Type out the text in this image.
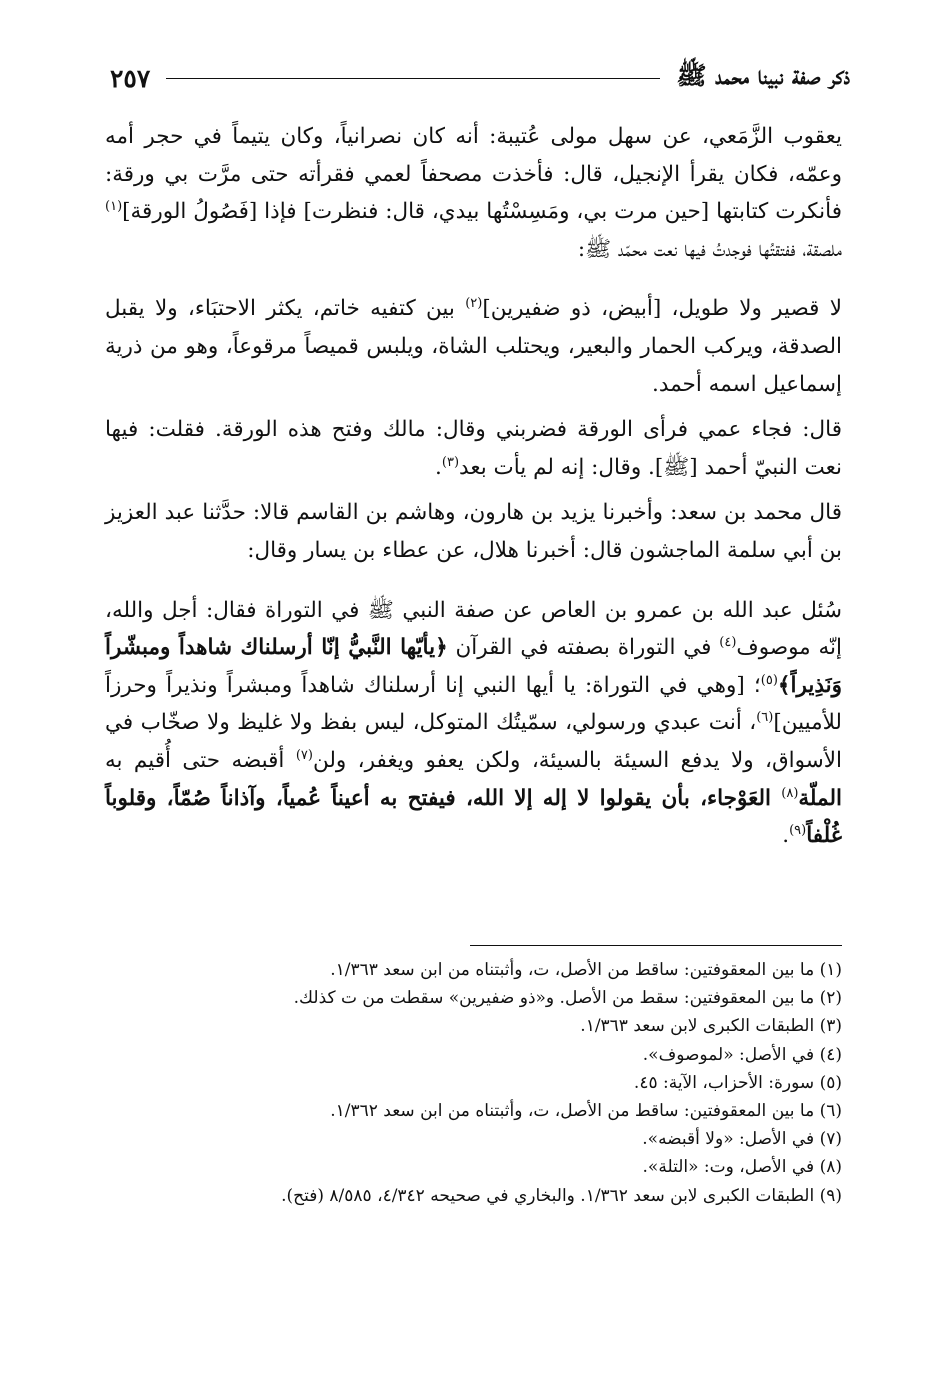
ذكر صفة نبينا محمد ﷺ
٢٥٧

يعقوب الزَّمَعي، عن سهل مولى عُتيبة: أنه كان نصرانياً، وكان يتيماً في حجر أمه وعمّه، فكان يقرأ الإنجيل، قال: فأخذت مصحفاً لعمي فقرأته حتى مرَّت بي ورقة: فأنكرت كتابتها [حين مرت بي، ومَسِسْتُها بيدي، قال: فنظرت] فإذا [فَصُولُ الورقة]$^{(١)}$ ملصقة، ففتقتُها فوجدتُ فيها نعت محمّد ﷺ:

لا قصير ولا طويل، [أبيض، ذو ضفيرين]$^{(٢)}$ بين كتفيه خاتم، يكثر الاحتبَاء، ولا يقبل الصدقة، ويركب الحمار والبعير، ويحتلب الشاة، ويلبس قميصاً مرقوعاً، وهو من ذرية إسماعيل اسمه أحمد.

قال: فجاء عمي فرأى الورقة فضربني وقال: مالك وفتح هذه الورقة. فقلت: فيها نعت النبيّ أحمد [ﷺ]. وقال: إنه لم يأت بعد$^{(٣)}$.

قال محمد بن سعد: وأخبرنا يزيد بن هارون، وهاشم بن القاسم قالا: حدَّثنا عبد العزيز بن أبي سلمة الماجشون قال: أخبرنا هلال، عن عطاء بن يسار وقال:

سُئل عبد الله بن عمرو بن العاص عن صفة النبي ﷺ في التوراة فقال: أجل والله، إنّه موصوف$^{(٤)}$ في التوراة بصفته في القرآن ﴿يأيّها النَّبيُّ إنّا أرسلناك شاهداً ومبشّراً وَنَذِيراً﴾$^{(٥)}$؛ [وهي في التوراة: يا أيها النبي إنا أرسلناك شاهداً ومبشراً ونذيراً وحرزاً للأميين]$^{(٦)}$، أنت عبدي ورسولي، سمّيتُك المتوكل، ليس بفظ ولا غليظ ولا صخّاب في الأسواق، ولا يدفع السيئة بالسيئة، ولكن يعفو ويغفر، ولن$^{(٧)}$ أقبضه حتى أُقيم به الملّة$^{(٨)}$ العَوْجاء، بأن يقولوا لا إله إلا الله، فيفتح به أعيناً عُمياً، وآذاناً صُمّاً، وقلوباً غُلْفاً$^{(٩)}$.

(١) ما بين المعقوفتين: ساقط من الأصل، ت، وأثبتناه من ابن سعد ١/٣٦٣.
(٢) ما بين المعقوفتين: سقط من الأصل. و«ذو ضفيرين» سقطت من ت كذلك.
(٣) الطبقات الكبرى لابن سعد ١/٣٦٣.
(٤) في الأصل: «لموصوف».
(٥) سورة: الأحزاب، الآية: ٤٥.
(٦) ما بين المعقوفتين: ساقط من الأصل، ت، وأثبتناه من ابن سعد ١/٣٦٢.
(٧) في الأصل: «ولا أقبضه».
(٨) في الأصل، وت: «التلة».
(٩) الطبقات الكبرى لابن سعد ١/٣٦٢. والبخاري في صحيحه ٤/٣٤٢، ٨/٥٨٥ (فتح).
